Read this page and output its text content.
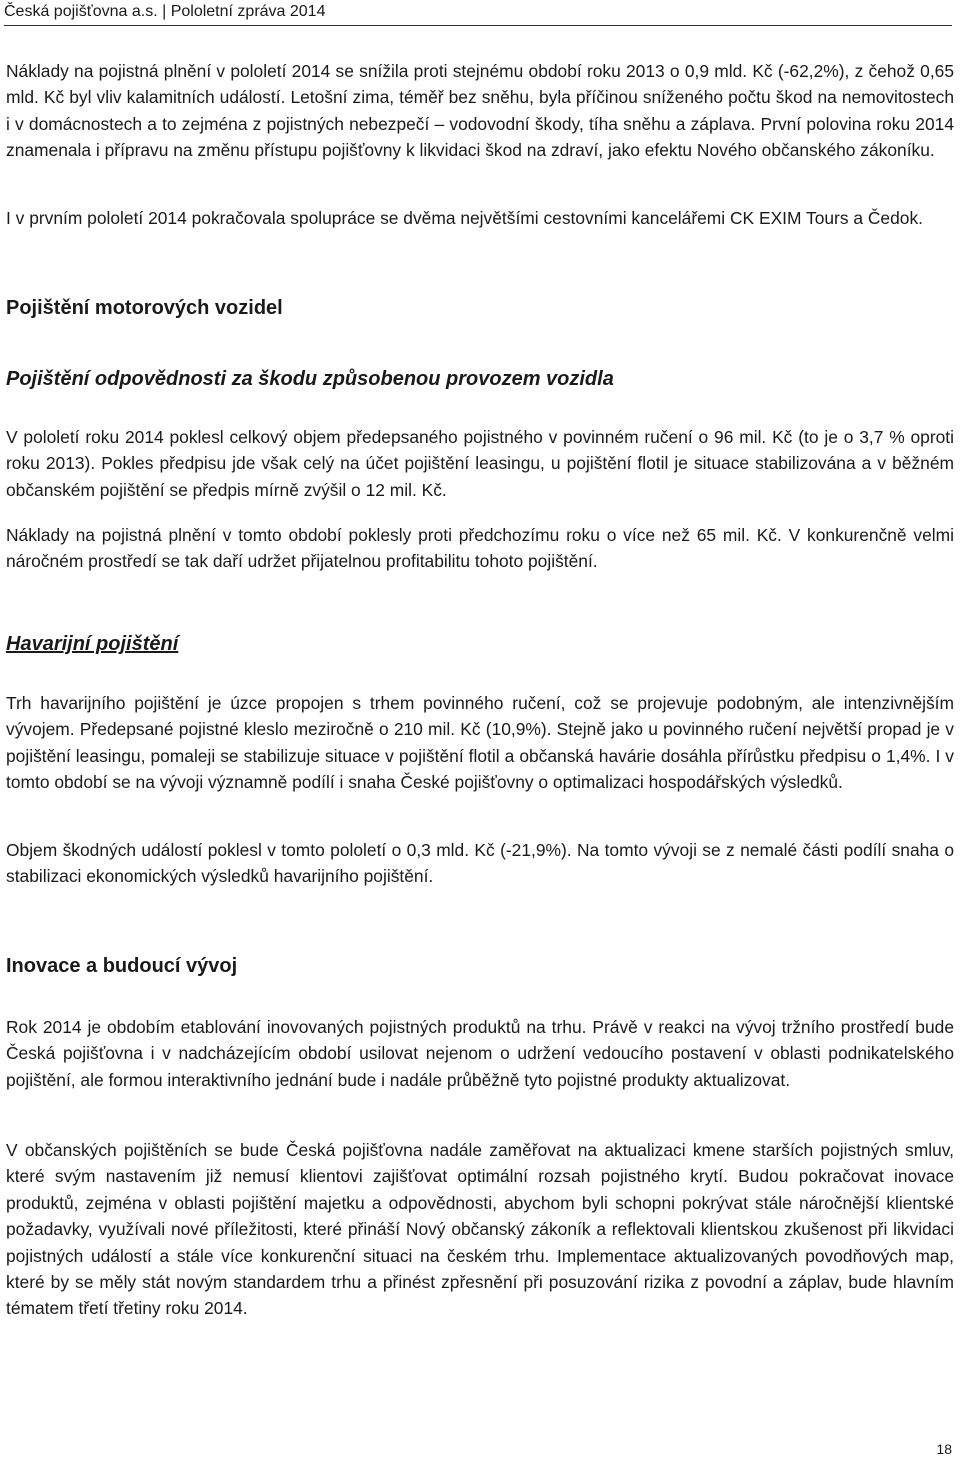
Česká pojišťovna a.s. | Pololetní zpráva 2014

Náklady na pojistná plnění v pololetí 2014 se snížila proti stejnému období roku 2013 o 0,9 mld. Kč (-62,2%), z čehož 0,65 mld. Kč byl vliv kalamitních událostí. Letošní zima, téměř bez sněhu, byla příčinou sníženého počtu škod na nemovitostech i v domácnostech a to zejména z pojistných nebezpečí – vodovodní škody, tíha sněhu a záplava. První polovina roku 2014 znamenala i přípravu na změnu přístupu pojišťovny k likvidaci škod na zdraví, jako efektu Nového občanského zákoníku.

I v prvním pololetí 2014 pokračovala spolupráce se dvěma největšími cestovními kancelářemi CK EXIM Tours a Čedok.

Pojištění motorových vozidel
Pojištění odpovědnosti za škodu způsobenou provozem vozidla

V pololetí roku 2014 poklesl celkový objem předepsaného pojistného v povinném ručení o 96 mil. Kč (to je o 3,7 % oproti roku 2013). Pokles předpisu jde však celý na účet pojištění leasingu, u pojištění flotil je situace stabilizována a v běžném občanském pojištění se předpis mírně zvýšil o 12 mil. Kč.

Náklady na pojistná plnění v tomto období poklesly proti předchozímu roku o více než 65 mil. Kč. V konkurenčně velmi náročném prostředí se tak daří udržet přijatelnou profitabilitu tohoto pojištění.

Havarijní pojištění

Trh havarijního pojištění je úzce propojen s trhem povinného ručení, což se projevuje podobným, ale intenzivnějším vývojem. Předepsané pojistné kleslo meziročně o 210 mil. Kč (10,9%). Stejně jako u povinného ručení největší propad je v pojištění leasingu, pomaleji se stabilizuje situace v pojištění flotil a občanská havárie dosáhla přírůstku předpisu o 1,4%. I v tomto období se na vývoji významně podílí i snaha České pojišťovny o optimalizaci hospodářských výsledků.

Objem škodných událostí poklesl v tomto pololetí o 0,3 mld. Kč (-21,9%). Na tomto vývoji se z nemalé části podílí snaha o stabilizaci ekonomických výsledků havarijního pojištění.

Inovace a budoucí vývoj

Rok 2014 je obdobím etablování inovovaných pojistných produktů na trhu. Právě v reakci na vývoj tržního prostředí bude Česká pojišťovna i v nadcházejícím období usilovat nejenom o udržení vedoucího postavení v oblasti podnikatelského pojištění, ale formou interaktivního jednání bude i nadále průběžně tyto pojistné produkty aktualizovat.

V občanských pojištěních se bude Česká pojišťovna nadále zaměřovat na aktualizaci kmene starších pojistných smluv, které svým nastavením již nemusí klientovi zajišťovat optimální rozsah pojistného krytí. Budou pokračovat inovace produktů, zejména v oblasti pojištění majetku a odpovědnosti, abychom byli schopni pokrývat stále náročnější klientské požadavky, využívali nové příležitosti, které přináší Nový občanský zákoník a reflektovali klientskou zkušenost při likvidaci pojistných událostí a stále více konkurenční situaci na českém trhu. Implementace aktualizovaných povodňových map, které by se měly stát novým standardem trhu a přinést zpřesnění při posuzování rizika z povodní a záplav, bude hlavním tématem třetí třetiny roku 2014.

18
